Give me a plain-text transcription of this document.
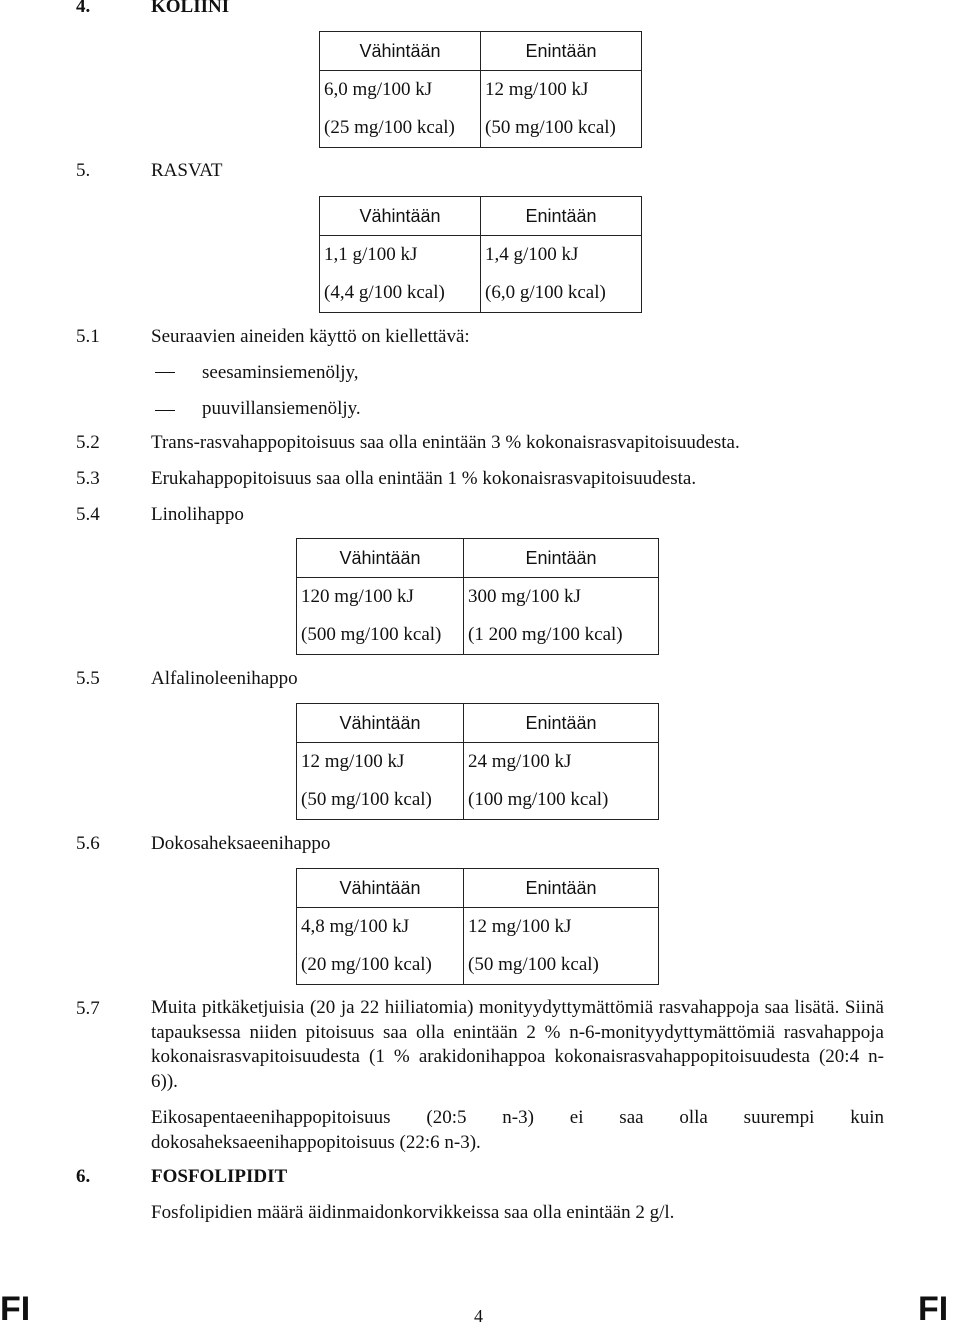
4.	KOLIINI
Vähintään	Enintään
6,0 mg/100 kJ	12 mg/100 kJ
(25 mg/100 kcal)	(50 mg/100 kcal)
5.	RASVAT
Vähintään	Enintään
1,1 g/100 kJ	1,4 g/100 kJ
(4,4 g/100 kcal)	(6,0 g/100 kcal)
5.1	Seuraavien aineiden käyttö on kiellettävä:
seesaminsiemenöljy,
puuvillansiemenöljy.
5.2	Trans-rasvahappopitoisuus saa olla enintään 3 % kokonaisrasvapitoisuudesta.
5.3	Erukahappopitoisuus saa olla enintään 1 % kokonaisrasvapitoisuudesta.
5.4	Linolihappo
Vähintään	Enintään
120 mg/100 kJ	300 mg/100 kJ
(500 mg/100 kcal)	(1 200 mg/100 kcal)
5.5	Alfalinoleenihappo
Vähintään	Enintään
12 mg/100 kJ	24 mg/100 kJ
(50 mg/100 kcal)	(100 mg/100 kcal)
5.6	Dokosaheksaeenihappo
Vähintään	Enintään
4,8 mg/100 kJ	12 mg/100 kJ
(20 mg/100 kcal)	(50 mg/100 kcal)
5.7	Muita pitkäketjuisia (20 ja 22 hiiliatomia) monityydyttymättömiä rasvahappoja saa lisätä. Siinä tapauksessa niiden pitoisuus saa olla enintään 2 % n-6-monityydyttymättömiä rasvahappoja kokonaisrasvapitoisuudesta (1 % arakidonihappoa kokonaisrasvahappopitoisuudesta (20:4 n-6)).
Eikosapentaeenihappopitoisuus (20:5 n-3) ei saa olla suurempi kuin dokosaheksaeenihappopitoisuus (22:6 n-3).
6.	FOSFOLIPIDIT
Fosfolipidien määrä äidinmaidonkorvikkeissa saa olla enintään 2 g/l.
FI	4	FI
